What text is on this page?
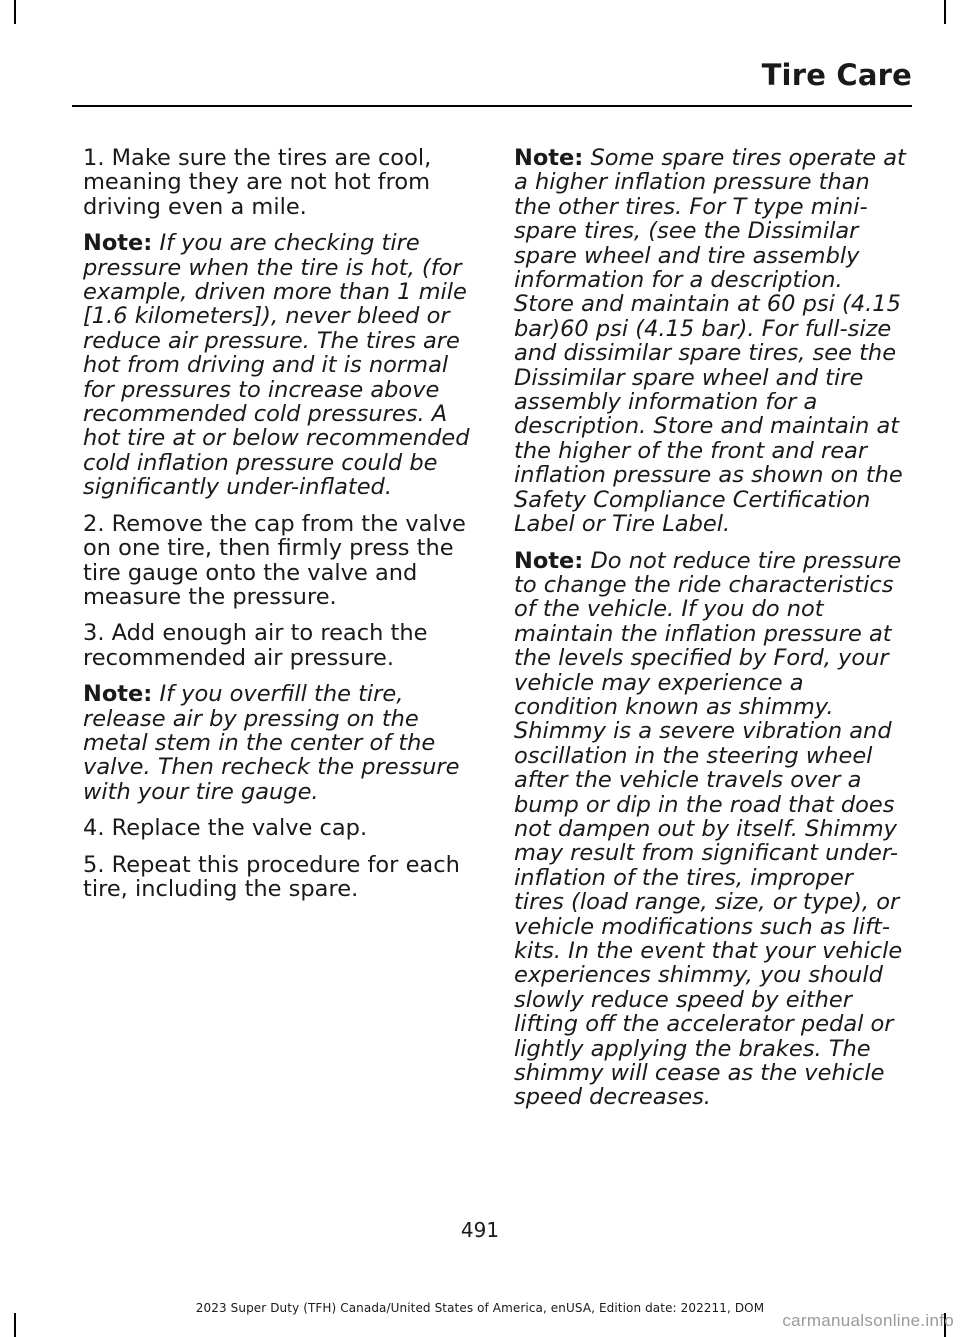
Tire Care

1. Make sure the tires are cool, meaning they are not hot from driving even a mile.

Note: If you are checking tire pressure when the tire is hot, (for example, driven more than 1 mile [1.6 kilometers]), never bleed or reduce air pressure. The tires are hot from driving and it is normal for pressures to increase above recommended cold pressures. A hot tire at or below recommended cold inflation pressure could be significantly under-inflated.

2. Remove the cap from the valve on one tire, then firmly press the tire gauge onto the valve and measure the pressure.

3. Add enough air to reach the recommended air pressure.

Note: If you overfill the tire, release air by pressing on the metal stem in the center of the valve. Then recheck the pressure with your tire gauge.

4. Replace the valve cap.

5. Repeat this procedure for each tire, including the spare.

Note: Some spare tires operate at a higher inflation pressure than the other tires. For T type mini-spare tires, (see the Dissimilar spare wheel and tire assembly information for a description. Store and maintain at 60 psi (4.15 bar)60 psi (4.15 bar). For full-size and dissimilar spare tires, see the Dissimilar spare wheel and tire assembly information for a description. Store and maintain at the higher of the front and rear inflation pressure as shown on the Safety Compliance Certification Label or Tire Label.

Note: Do not reduce tire pressure to change the ride characteristics of the vehicle. If you do not maintain the inflation pressure at the levels specified by Ford, your vehicle may experience a condition known as shimmy. Shimmy is a severe vibration and oscillation in the steering wheel after the vehicle travels over a bump or dip in the road that does not dampen out by itself. Shimmy may result from significant under-inflation of the tires, improper tires (load range, size, or type), or vehicle modifications such as lift-kits. In the event that your vehicle experiences shimmy, you should slowly reduce speed by either lifting off the accelerator pedal or lightly applying the brakes. The shimmy will cease as the vehicle speed decreases.

491
2023 Super Duty (TFH) Canada/United States of America, enUSA, Edition date: 202211, DOM
carmanualsonline.info
